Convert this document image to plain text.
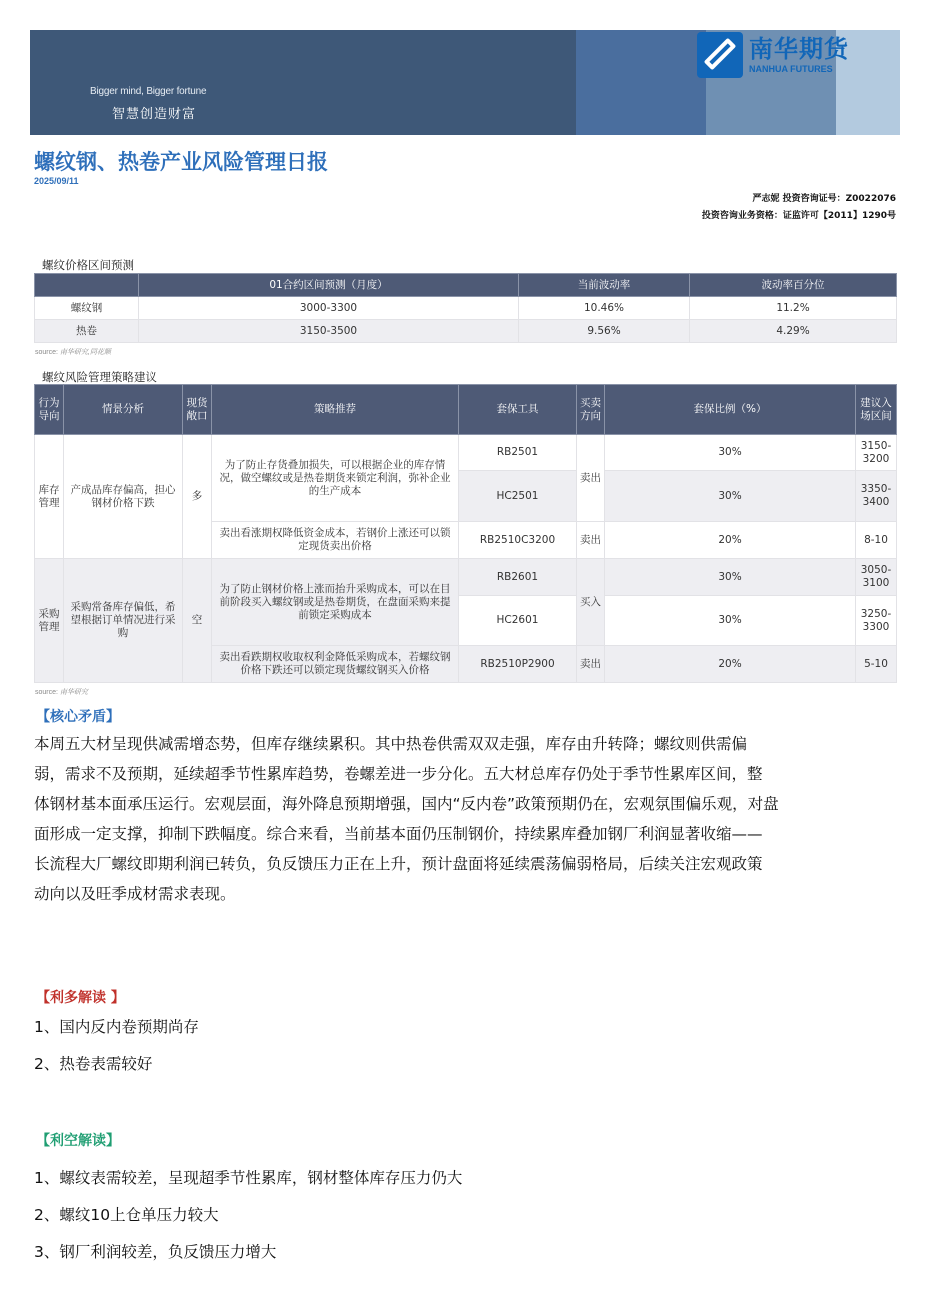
Bigger mind, Bigger fortune
智慧创造财富
南华期货
NANHUA FUTURES
螺纹钢、热卷产业风险管理日报
2025/09/11
严志妮 投资咨询证号：Z0022076
投资咨询业务资格：证监许可【2011】1290号
螺纹价格区间预测
	01合约区间预测（月度）	当前波动率	波动率百分位
螺纹钢	3000-3300	10.46%	11.2%
热卷	3150-3500	9.56%	4.29%
source: 南华研究,同花顺
螺纹风险管理策略建议
行为导向	情景分析	现货敞口	策略推荐	套保工具	买卖方向	套保比例（%）	建议入场区间
库存管理	产成品库存偏高，担心钢材价格下跌	多	为了防止存货叠加损失，可以根据企业的库存情况，做空螺纹或是热卷期货来锁定利润，弥补企业的生产成本	RB2501	卖出	30%	3150-3200
				HC2501		30%	3350-3400
			卖出看涨期权降低资金成本，若钢价上涨还可以锁定现货卖出价格	RB2510C3200	卖出	20%	8-10
采购管理	采购常备库存偏低，希望根据订单情况进行采购	空	为了防止钢材价格上涨而抬升采购成本，可以在目前阶段买入螺纹钢或是热卷期货，在盘面采购来提前锁定采购成本	RB2601	买入	30%	3050-3100
				HC2601		30%	3250-3300
			卖出看跌期权收取权利金降低采购成本，若螺纹钢价格下跌还可以锁定现货螺纹钢买入价格	RB2510P2900	卖出	20%	5-10
source: 南华研究
【核心矛盾】
本周五大材呈现供减需增态势，但库存继续累积。其中热卷供需双双走强，库存由升转降；螺纹则供需偏
弱，需求不及预期，延续超季节性累库趋势，卷螺差进一步分化。五大材总库存仍处于季节性累库区间，整
体钢材基本面承压运行。宏观层面，海外降息预期增强，国内“反内卷”政策预期仍在，宏观氛围偏乐观，对盘
面形成一定支撑，抑制下跌幅度。综合来看，当前基本面仍压制钢价，持续累库叠加钢厂利润显著收缩——
长流程大厂螺纹即期利润已转负，负反馈压力正在上升，预计盘面将延续震荡偏弱格局，后续关注宏观政策
动向以及旺季成材需求表现。
【利多解读 】
1、国内反内卷预期尚存
2、热卷表需较好
【利空解读】
1、螺纹表需较差，呈现超季节性累库，钢材整体库存压力仍大
2、螺纹10上仓单压力较大
3、钢厂利润较差，负反馈压力增大
